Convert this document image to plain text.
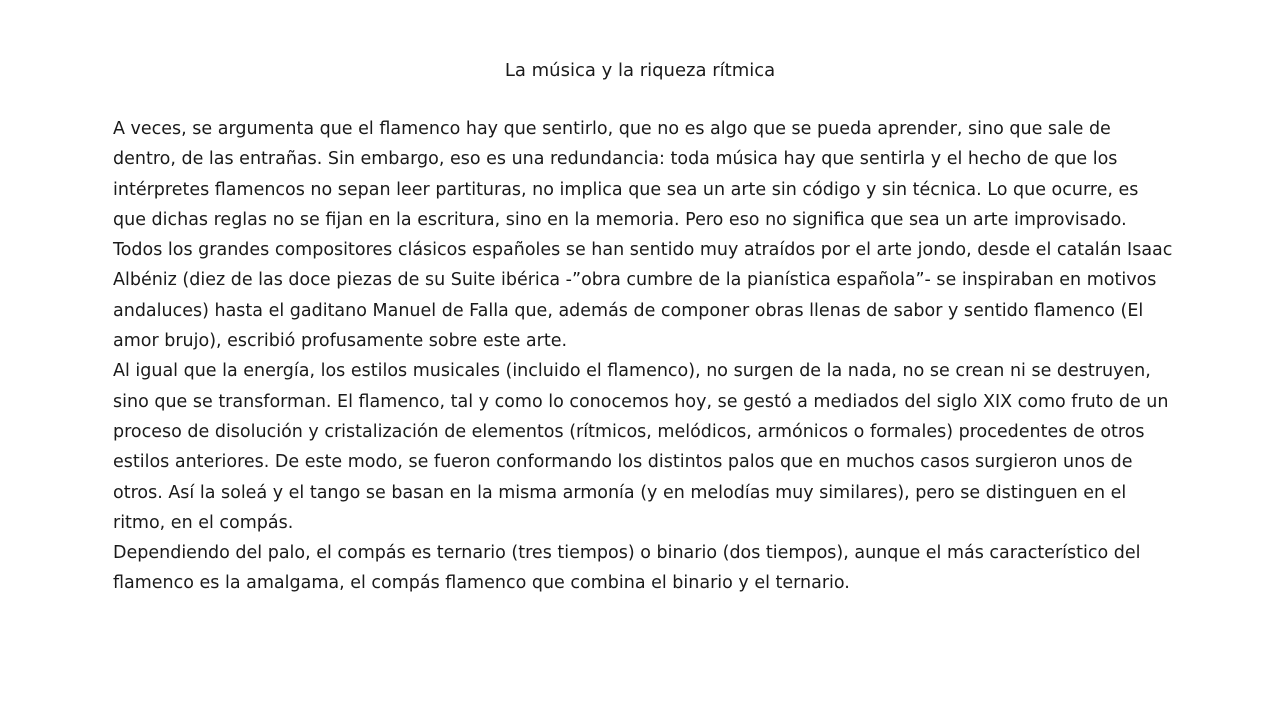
La música y la riqueza rítmica

A veces, se argumenta que el flamenco hay que sentirlo, que no es algo que se pueda aprender, sino que sale de dentro, de las entrañas. Sin embargo, eso es una redundancia: toda música hay que sentirla y el hecho de que los intérpretes flamencos no sepan leer partituras, no implica que sea un arte sin código y sin técnica. Lo que ocurre, es que dichas reglas no se fijan en la escritura, sino en la memoria. Pero eso no significa que sea un arte improvisado.

Todos los grandes compositores clásicos españoles se han sentido muy atraídos por el arte jondo, desde el catalán Isaac Albéniz (diez de las doce piezas de su Suite ibérica -”obra cumbre de la pianística española”- se inspiraban en motivos andaluces) hasta el gaditano Manuel de Falla que, además de componer obras llenas de sabor y sentido flamenco (El amor brujo), escribió profusamente sobre este arte.

Al igual que la energía, los estilos musicales (incluido el flamenco), no surgen de la nada, no se crean ni se destruyen, sino que se transforman. El flamenco, tal y como lo conocemos hoy, se gestó a mediados del siglo XIX como fruto de un proceso de disolución y cristalización de elementos (rítmicos, melódicos, armónicos o formales) procedentes de otros estilos anteriores. De este modo, se fueron conformando los distintos palos que en muchos casos surgieron unos de otros. Así la soleá y el tango se basan en la misma armonía (y en melodías muy similares), pero se distinguen en el ritmo, en el compás.

Dependiendo del palo, el compás es ternario (tres tiempos) o binario (dos tiempos), aunque el más característico del flamenco es la amalgama, el compás flamenco que combina el binario y el ternario.
